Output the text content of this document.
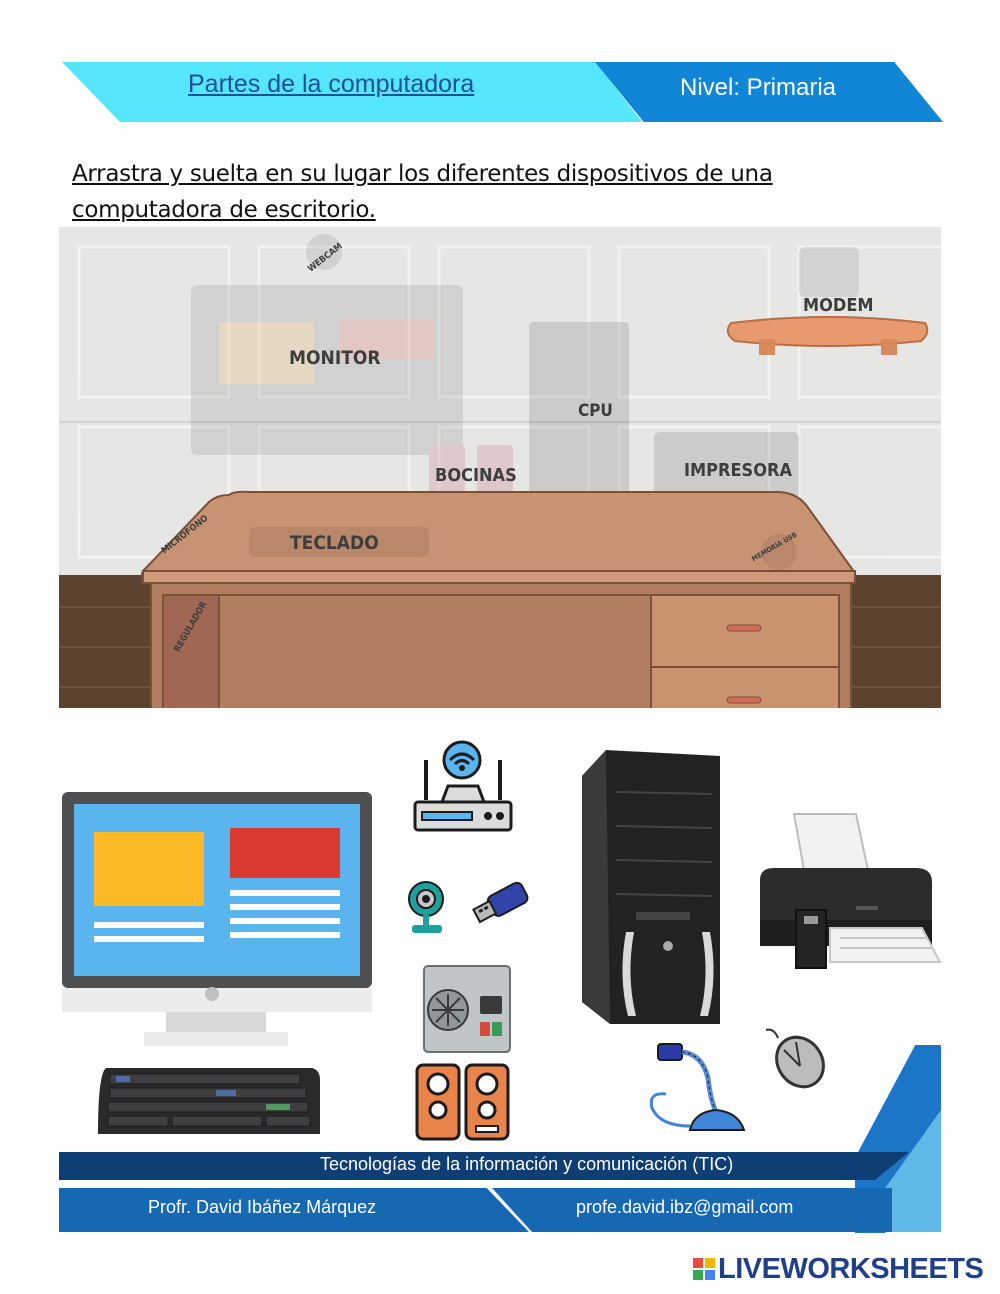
Partes de la computadora	Nivel: Primaria
Arrastra y suelta en su lugar los diferentes dispositivos de una computadora de escritorio.
WEBCAM
MODEM
MONITOR
CPU
BOCINAS	IMPRESORA
MICROFONO	TECLADO	MEMORIA USB
REGULADOR
Tecnologías de la información y comunicación (TIC)
Profr. David Ibáñez Márquez	profe.david.ibz@gmail.com
LIVEWORKSHEETS
